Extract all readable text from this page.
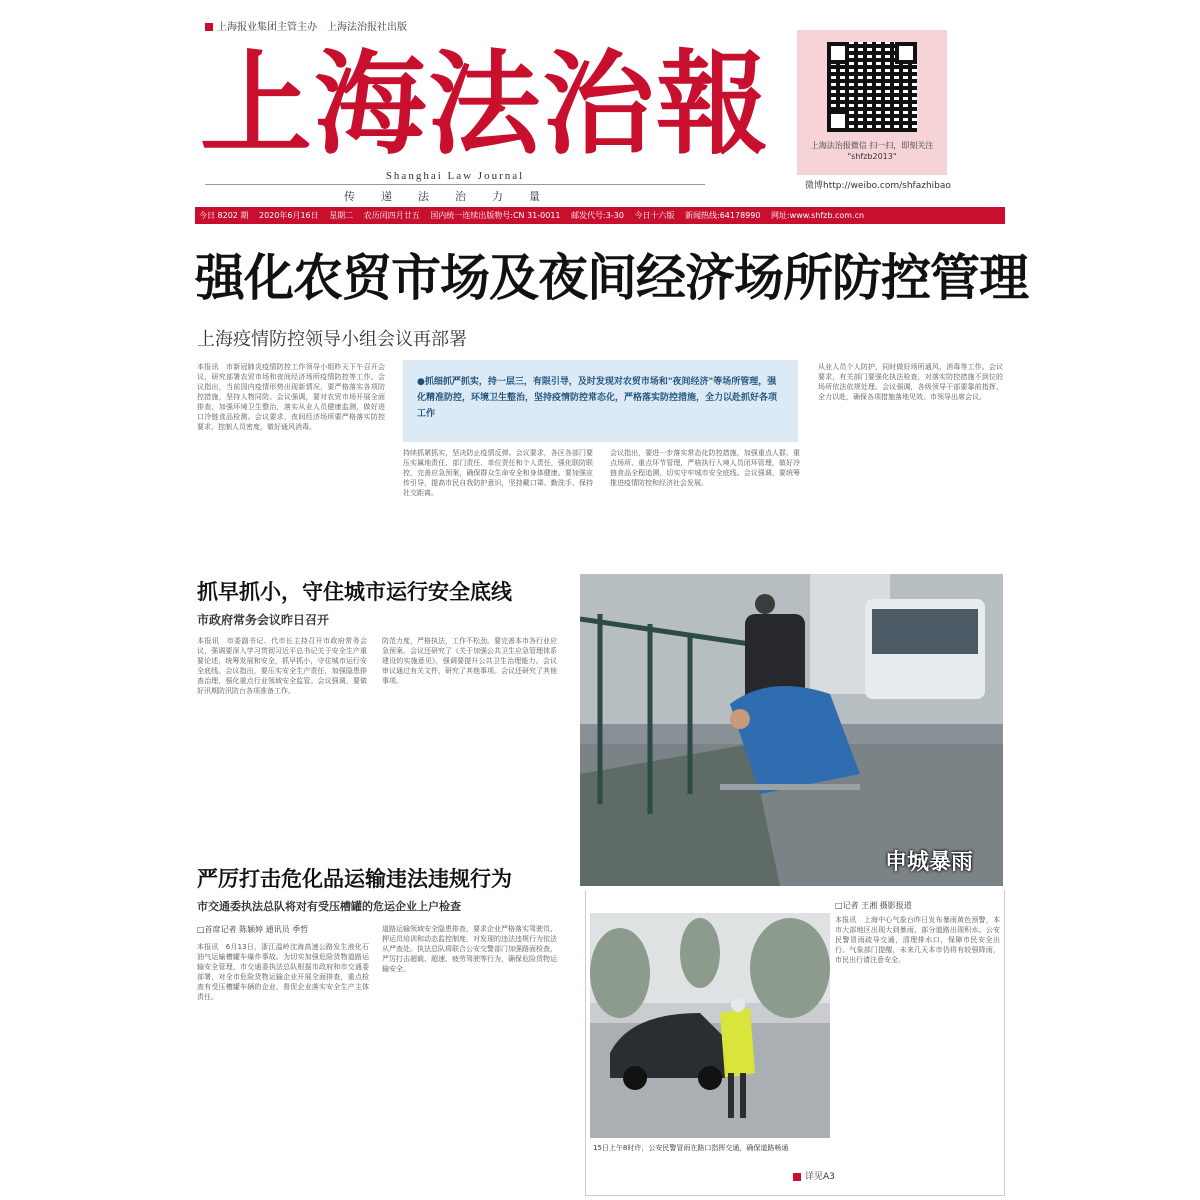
上海报业集团主管主办　上海法治报社出版
上海法治報
Shanghai Law Journal
传递法治力量
上海法治报微信 扫一扫，即刻关注 "shfzb2013"
微博http://weibo.com/shfazhibao
今日 8202 期 2020年6月16日 星期二 农历闰四月廿五 国内统一连续出版物号:CN 31-0011 邮发代号:3-30 今日十六版 新闻热线:64178990 网址:www.shfzb.com.cn
强化农贸市场及夜间经济场所防控管理
上海疫情防控领导小组会议再部署
本报讯　市新冠肺炎疫情防控工作领导小组昨天下午召开会议，研究部署农贸市场和夜间经济场所疫情防控等工作。会议指出，当前国内疫情形势出现新情况，要严格落实各项防控措施，坚持人物同防。会议强调，要对农贸市场开展全面排查，加强环境卫生整治，落实从业人员健康监测，做好进口冷链食品检测。会议要求，夜间经济场所要严格落实防控要求，控制人员密度，做好通风消毒。

●抓细抓严抓实，持一层三，有限引导，及时发现对农贸市场和"夜间经济"等场所管理，强化精准防控，环境卫生整治，坚持疫情防控常态化，严格落实防控措施，全力以赴抓好各项工作

持续抓紧抓实，坚决防止疫情反弹。会议要求，各区各部门要压实属地责任、部门责任、单位责任和个人责任，强化联防联控，完善应急预案，确保群众生命安全和身体健康。要加强宣传引导，提高市民自我防护意识，坚持戴口罩、勤洗手、保持社交距离。
会议指出，要进一步落实常态化防控措施，加强重点人群、重点场所、重点环节管理，严格执行入境人员闭环管理，做好冷链食品全程追溯，切实守牢城市安全底线。会议强调，要统筹推进疫情防控和经济社会发展。
从业人员个人防护，同时做好场所通风、消毒等工作。会议要求，有关部门要强化执法检查，对落实防控措施不到位的场所依法依规处理。会议强调，各级领导干部要靠前指挥，全力以赴，确保各项措施落地见效。市领导出席会议。
抓早抓小，守住城市运行安全底线
市政府常务会议昨日召开
本报讯　市委副书记、代市长主持召开市政府常务会议，强调要深入学习贯彻习近平总书记关于安全生产重要论述，统筹发展和安全，抓早抓小，守住城市运行安全底线。会议指出，要压实安全生产责任，加强隐患排查治理，强化重点行业领域安全监管。会议强调，要做好汛期防汛防台各项准备工作。
防范力度，严格执法，工作不松劲。要完善本市各行业应急预案。会议还研究了《关于加强公共卫生应急管理体系建设的实施意见》，强调要提升公共卫生治理能力。会议审议通过有关文件，研究了其他事项。会议还研究了其他事项。
严厉打击危化品运输违法违规行为
市交通委执法总队将对有受压槽罐的危运企业上户检查
□首席记者 陈颖婷 通讯员 季哲
本报讯　6月13日，浙江温岭沈海高速公路发生液化石油气运输槽罐车爆炸事故。为切实加强危险货物道路运输安全管理，市交通委执法总队根据市政府和市交通委部署，对全市危险货物运输企业开展全面排查，重点检查有受压槽罐车辆的企业，督促企业落实安全生产主体责任。
道路运输领域安全隐患排查，要求企业严格落实驾驶员、押运员培训和动态监控制度，对发现的违法违规行为依法从严查处。执法总队将联合公安交警部门加强路面检查，严厉打击超载、超速、疲劳驾驶等行为，确保危险货物运输安全。
申城暴雨
15日上午8时许，公安民警冒雨在路口指挥交通，确保道路畅通
□记者 王湘 摄影报道
本报讯　上海中心气象台昨日发布暴雨黄色预警，本市大部地区出现大到暴雨，部分道路出现积水。公安民警冒雨疏导交通，清理排水口，保障市民安全出行。气象部门提醒，未来几天本市仍将有较强降雨，市民出行请注意安全。
详见A3
